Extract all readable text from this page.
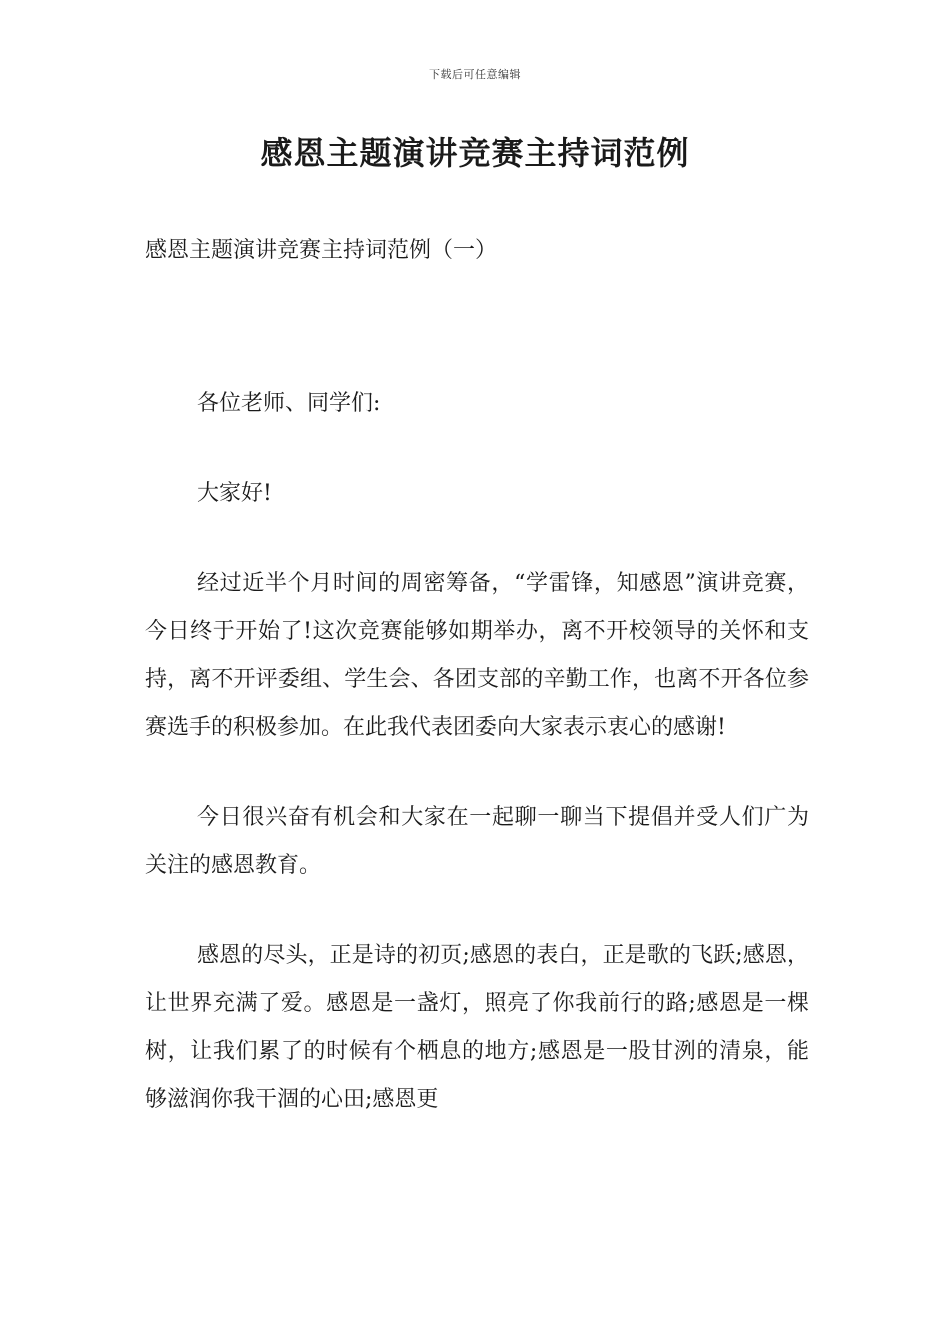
下载后可任意编辑
感恩主题演讲竞赛主持词范例
感恩主题演讲竞赛主持词范例（一）

各位老师、同学们:

大家好!

经过近半个月时间的周密筹备，“学雷锋，知感恩”演讲竞赛，今日终于开始了!这次竞赛能够如期举办，离不开校领导的关怀和支持，离不开评委组、学生会、各团支部的辛勤工作，也离不开各位参赛选手的积极参加。在此我代表团委向大家表示衷心的感谢!

今日很兴奋有机会和大家在一起聊一聊当下提倡并受人们广为关注的感恩教育。

感恩的尽头，正是诗的初页;感恩的表白，正是歌的飞跃;感恩，让世界充满了爱。感恩是一盏灯，照亮了你我前行的路;感恩是一棵树，让我们累了的时候有个栖息的地方;感恩是一股甘洌的清泉，能够滋润你我干涸的心田;感恩更
